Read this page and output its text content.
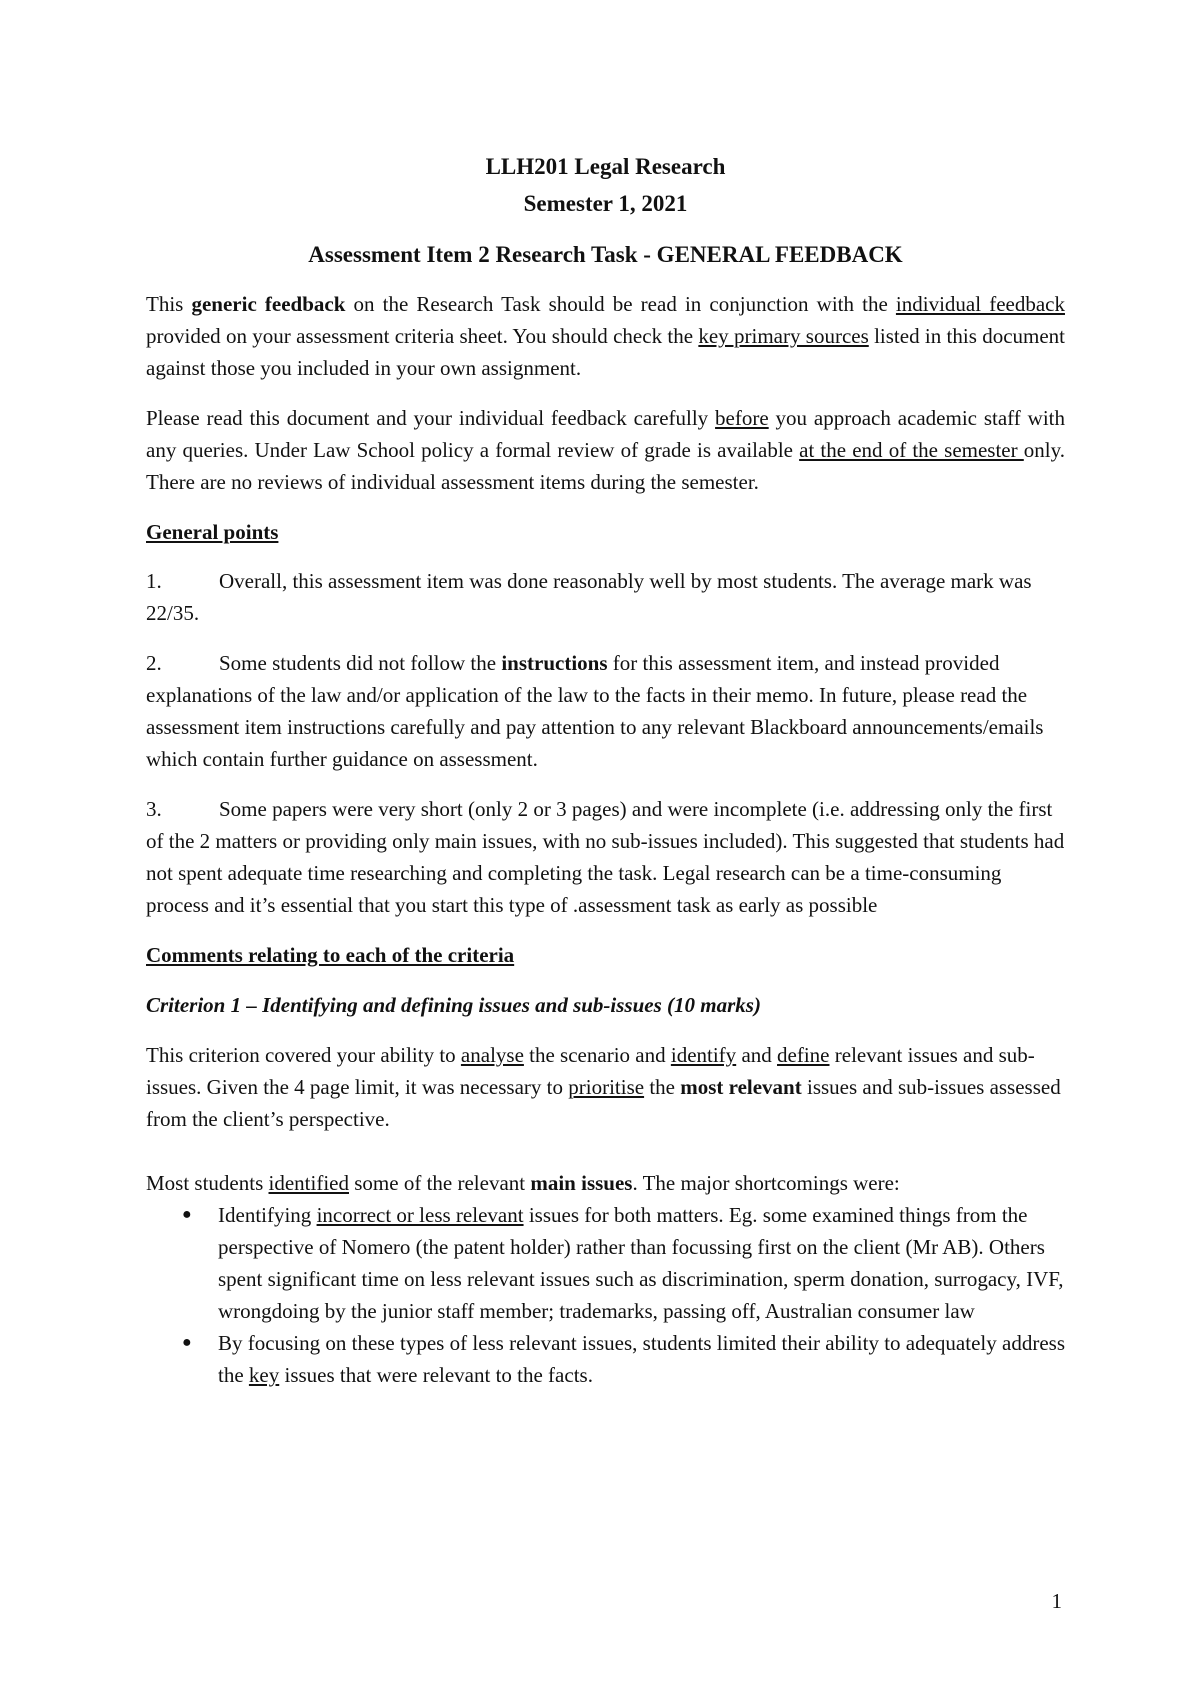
LLH201 Legal Research
Semester 1, 2021
Assessment Item 2 Research Task - GENERAL FEEDBACK

This generic feedback on the Research Task should be read in conjunction with the individual feedback provided on your assessment criteria sheet. You should check the key primary sources listed in this document against those you included in your own assignment.

Please read this document and your individual feedback carefully before you approach academic staff with any queries. Under Law School policy a formal review of grade is available at the end of the semester only. There are no reviews of individual assessment items during the semester.

General points

1.	Overall, this assessment item was done reasonably well by most students. The average mark was 22/35.

2.	Some students did not follow the instructions for this assessment item, and instead provided explanations of the law and/or application of the law to the facts in their memo. In future, please read the assessment item instructions carefully and pay attention to any relevant Blackboard announcements/emails which contain further guidance on assessment.

3.	Some papers were very short (only 2 or 3 pages) and were incomplete (i.e. addressing only the first of the 2 matters or providing only main issues, with no sub-issues included). This suggested that students had not spent adequate time researching and completing the task. Legal research can be a time-consuming process and it’s essential that you start this type of .assessment task as early as possible

Comments relating to each of the criteria

Criterion 1 – Identifying and defining issues and sub-issues (10 marks)

This criterion covered your ability to analyse the scenario and identify and define relevant issues and sub-issues. Given the 4 page limit, it was necessary to prioritise the most relevant issues and sub-issues assessed from the client’s perspective.

Most students identified some of the relevant main issues. The major shortcomings were:

● Identifying incorrect or less relevant issues for both matters. Eg. some examined things from the perspective of Nomero (the patent holder) rather than focussing first on the client (Mr AB). Others spent significant time on less relevant issues such as discrimination, sperm donation, surrogacy, IVF, wrongdoing by the junior staff member; trademarks, passing off, Australian consumer law
● By focusing on these types of less relevant issues, students limited their ability to adequately address the key issues that were relevant to the facts.
1
